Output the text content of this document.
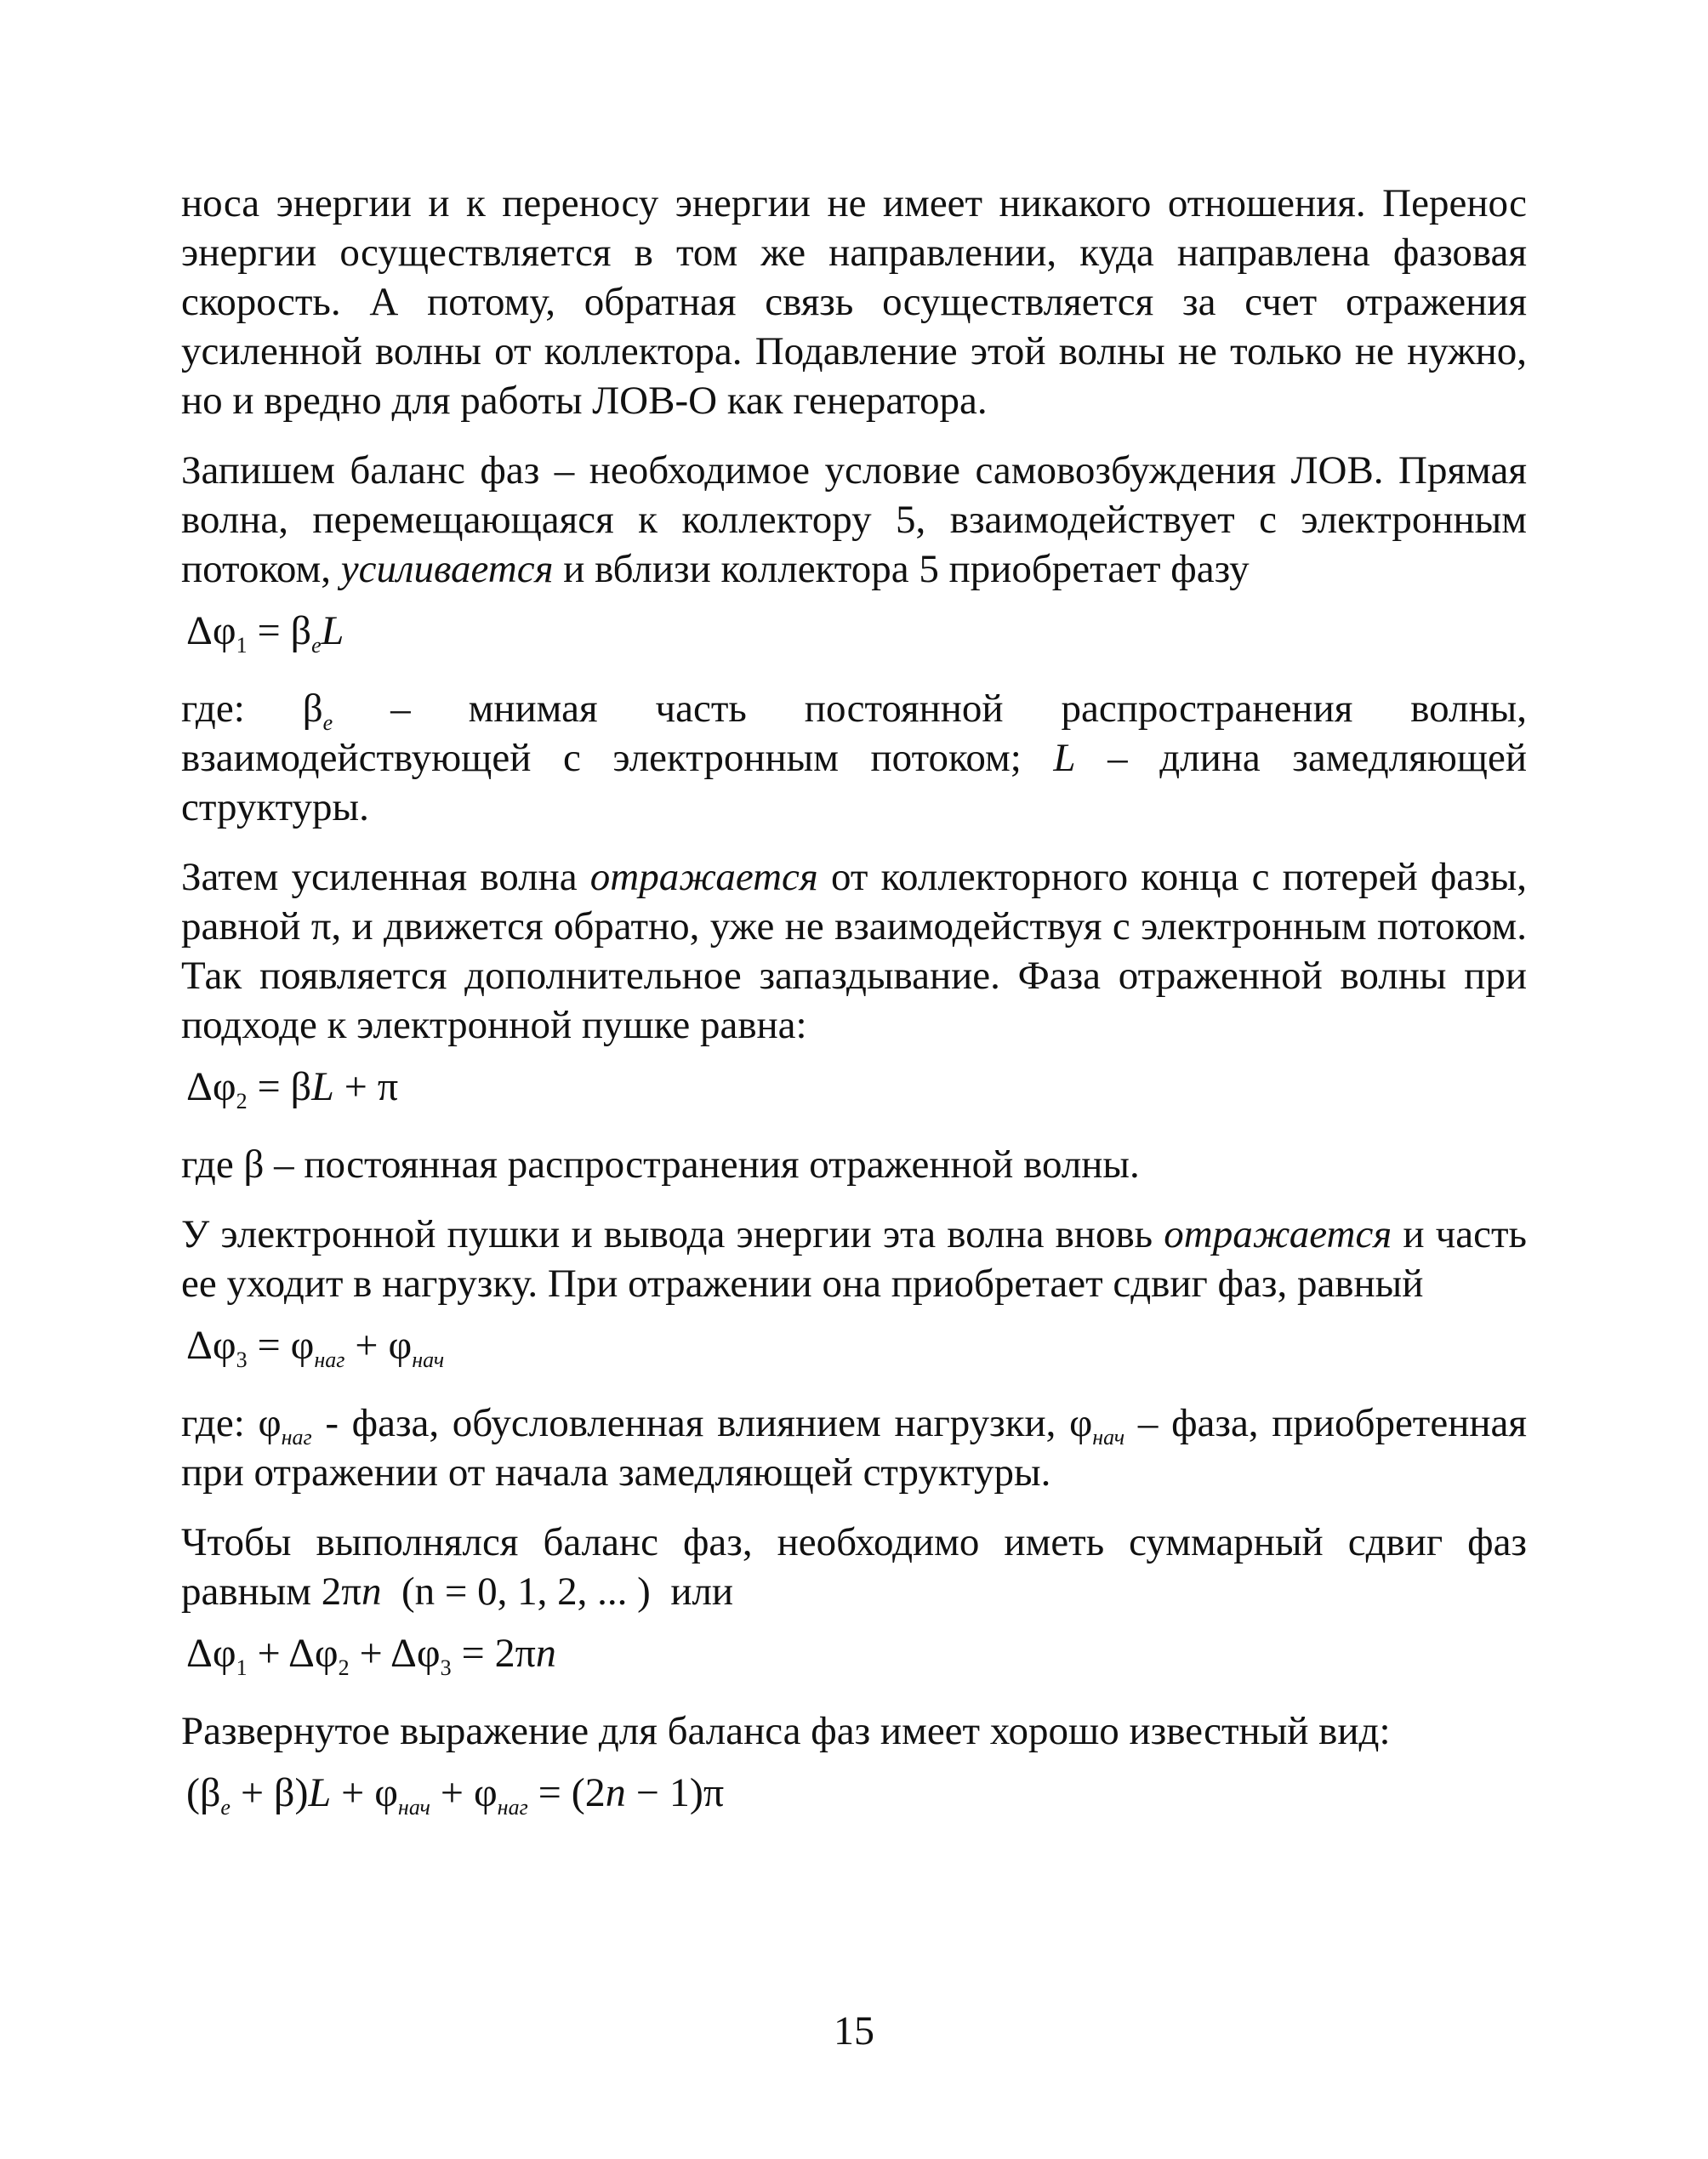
носа энергии и к переносу энергии не имеет никакого отношения. Перенос энергии осуществляется в том же направлении, куда направлена фазовая скорость. А потому, обратная связь осуществляется за счет отражения усиленной волны от коллектора. Подавление этой волны не только не нужно, но и вредно для работы ЛОВ-О как генератора.

Запишем баланс фаз – необходимое условие самовозбуждения ЛОВ. Прямая волна, перемещающаяся к коллектору 5, взаимодействует с электронным потоком, усиливается и вблизи коллектора 5 приобретает фазу

$\Delta\varphi_1 = \beta_eL$

где: $\beta_e$ – мнимая часть постоянной распространения волны, взаимодействующей с электронным потоком; L – длина замедляющей структуры.

Затем усиленная волна отражается от коллекторного конца с потерей фазы, равной π, и движется обратно, уже не взаимодействуя с электронным потоком. Так появляется дополнительное запаздывание. Фаза отраженной волны при подходе к электронной пушке равна:

$\Delta\varphi_2 = \beta L + \pi$

где β – постоянная распространения отраженной волны.

У электронной пушки и вывода энергии эта волна вновь отражается и часть ее уходит в нагрузку. При отражении она приобретает сдвиг фаз, равный

$\Delta\varphi_3 = \varphi_{наг} + \varphi_{нач}$

где: $\varphi_{наг}$ - фаза, обусловленная влиянием нагрузки, $\varphi_{нач}$ – фаза, приобретенная при отражении от начала замедляющей структуры.

Чтобы выполнялся баланс фаз, необходимо иметь суммарный сдвиг фаз равным 2πn (n = 0, 1, 2, ... ) или

$\Delta\varphi_1 + \Delta\varphi_2 + \Delta\varphi_3 = 2\pi n$

Развернутое выражение для баланса фаз имеет хорошо известный вид:

$(\beta_e + \beta)L + \varphi_{нач} + \varphi_{наг} = (2n - 1)\pi$
15
